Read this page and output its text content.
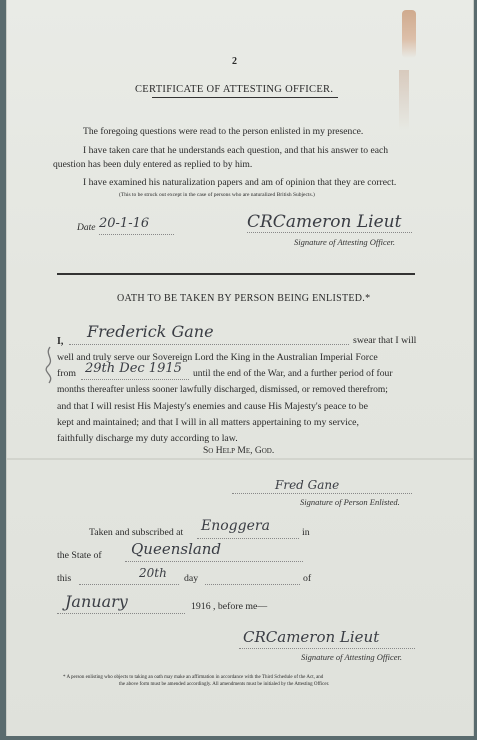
2
CERTIFICATE OF ATTESTING OFFICER.
The foregoing questions were read to the person enlisted in my presence.
I have taken care that he understands each question, and that his answer to each
question has been duly entered as replied to by him.
I have examined his naturalization papers and am of opinion that they are correct.
(This to be struck out except in the case of persons who are naturalized British Subjects.)
Date 20-1-16	CRCameron Lieut
Signature of Attesting Officer.
OATH TO BE TAKEN BY PERSON BEING ENLISTED.*
I,
Frederick Gane	swear that I will
well and truly serve our Sovereign Lord the King in the Australian Imperial Force
from 29th Dec 1915 until the end of the War, and a further period of four
months thereafter unless sooner lawfully discharged, dismissed, or removed therefrom;
and that I will resist His Majesty's enemies and cause His Majesty's peace to be
kept and maintained; and that I will in all matters appertaining to my service,
faithfully discharge my duty according to law.
So Help Me, God.
Fred Gane
Signature of Person Enlisted.
Taken and subscribed at Enoggera	in
the State of Queensland
this	20th day	of
January	1916 , before me—
CRCameron Lieut
Signature of Attesting Officer.
* A person enlisting who objects to taking an oath may make an affirmation in accordance with the Third Schedule of the Act, and
the above form must be amended accordingly. All amendments must be initialed by the Attesting Officer.
